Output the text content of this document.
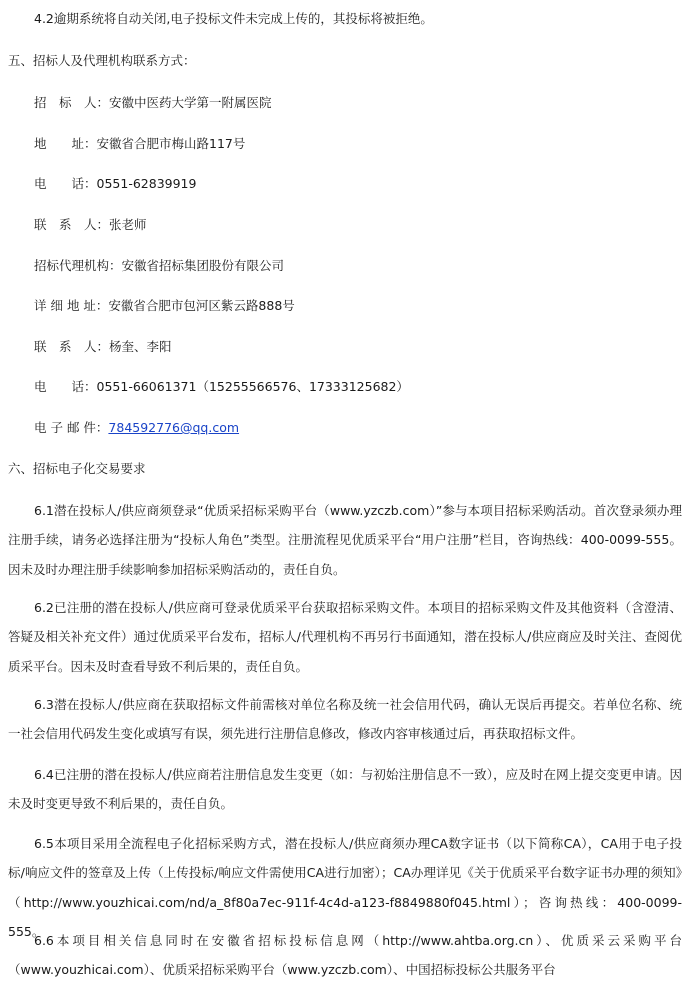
4.2逾期系统将自动关闭,电子投标文件未完成上传的，其投标将被拒绝。
五、招标人及代理机构联系方式：
招　标　人：安徽中医药大学第一附属医院
地　　址：安徽省合肥市梅山路117号
电　　话：0551-62839919
联　系　人：张老师
招标代理机构：安徽省招标集团股份有限公司
详 细 地 址：安徽省合肥市包河区紫云路888号
联　系　人：杨奎、李阳
电　　话：0551-66061371（15255566576、17333125682）
电 子 邮 件：784592776@qq.com
六、招标电子化交易要求
6.1潜在投标人/供应商须登录“优质采招标采购平台（www.yzczb.com）”参与本项目招标采购活动。首次登录须办理注册手续，请务必选择注册为“投标人角色”类型。注册流程见优质采平台“用户注册”栏目，咨询热线：400-0099-555。因未及时办理注册手续影响参加招标采购活动的，责任自负。
6.2已注册的潜在投标人/供应商可登录优质采平台获取招标采购文件。本项目的招标采购文件及其他资料（含澄清、答疑及相关补充文件）通过优质采平台发布，招标人/代理机构不再另行书面通知，潜在投标人/供应商应及时关注、查阅优质采平台。因未及时查看导致不利后果的，责任自负。
6.3潜在投标人/供应商在获取招标文件前需核对单位名称及统一社会信用代码，确认无误后再提交。若单位名称、统一社会信用代码发生变化或填写有误，须先进行注册信息修改，修改内容审核通过后，再获取招标文件。
6.4已注册的潜在投标人/供应商若注册信息发生变更（如：与初始注册信息不一致），应及时在网上提交变更申请。因未及时变更导致不利后果的，责任自负。
6.5本项目采用全流程电子化招标采购方式，潜在投标人/供应商须办理CA数字证书（以下简称CA），CA用于电子投标/响应文件的签章及上传（上传投标/响应文件需使用CA进行加密）；CA办理详见《关于优质采平台数字证书办理的须知》（http://www.youzhicai.com/nd/a_8f80a7ec-911f-4c4d-a123-f8849880f045.html）；咨询热线：400-0099-555。
6.6本项目相关信息同时在安徽省招标投标信息网（http://www.ahtba.org.cn）、优质采云采购平台（www.youzhicai.com）、优质采招标采购平台（www.yzczb.com）、中国招标投标公共服务平台
